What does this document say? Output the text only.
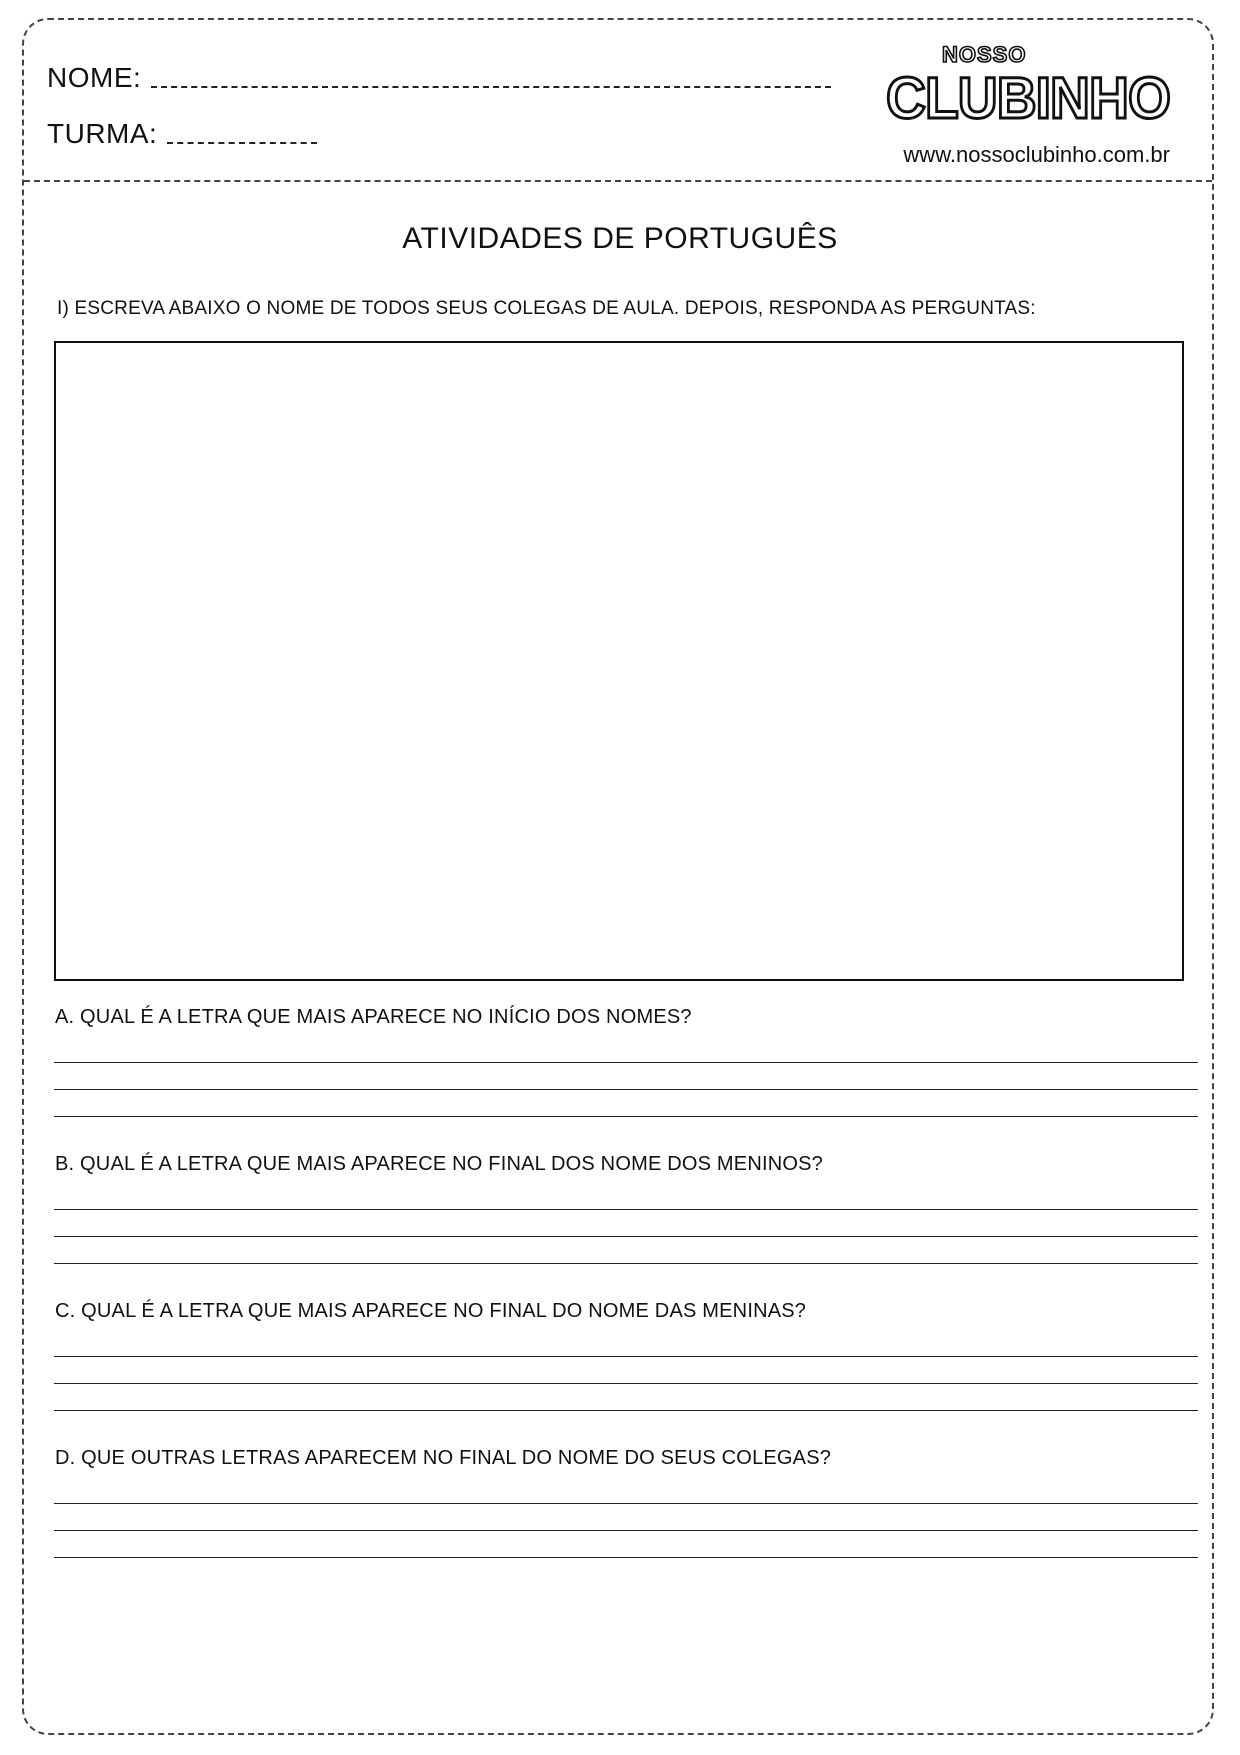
NOME:
TURMA:
NOSSO
CLUBINHO
www.nossoclubinho.com.br
ATIVIDADES DE PORTUGUÊS
I) ESCREVA ABAIXO O NOME DE TODOS SEUS COLEGAS DE AULA. DEPOIS, RESPONDA AS PERGUNTAS:
A. QUAL É A LETRA QUE MAIS APARECE NO INÍCIO DOS NOMES?
B. QUAL É A LETRA QUE MAIS APARECE NO FINAL DOS NOME DOS MENINOS?
C. QUAL É A LETRA QUE MAIS APARECE NO FINAL DO NOME DAS MENINAS?
D. QUE OUTRAS LETRAS APARECEM NO FINAL DO NOME DO SEUS COLEGAS?
